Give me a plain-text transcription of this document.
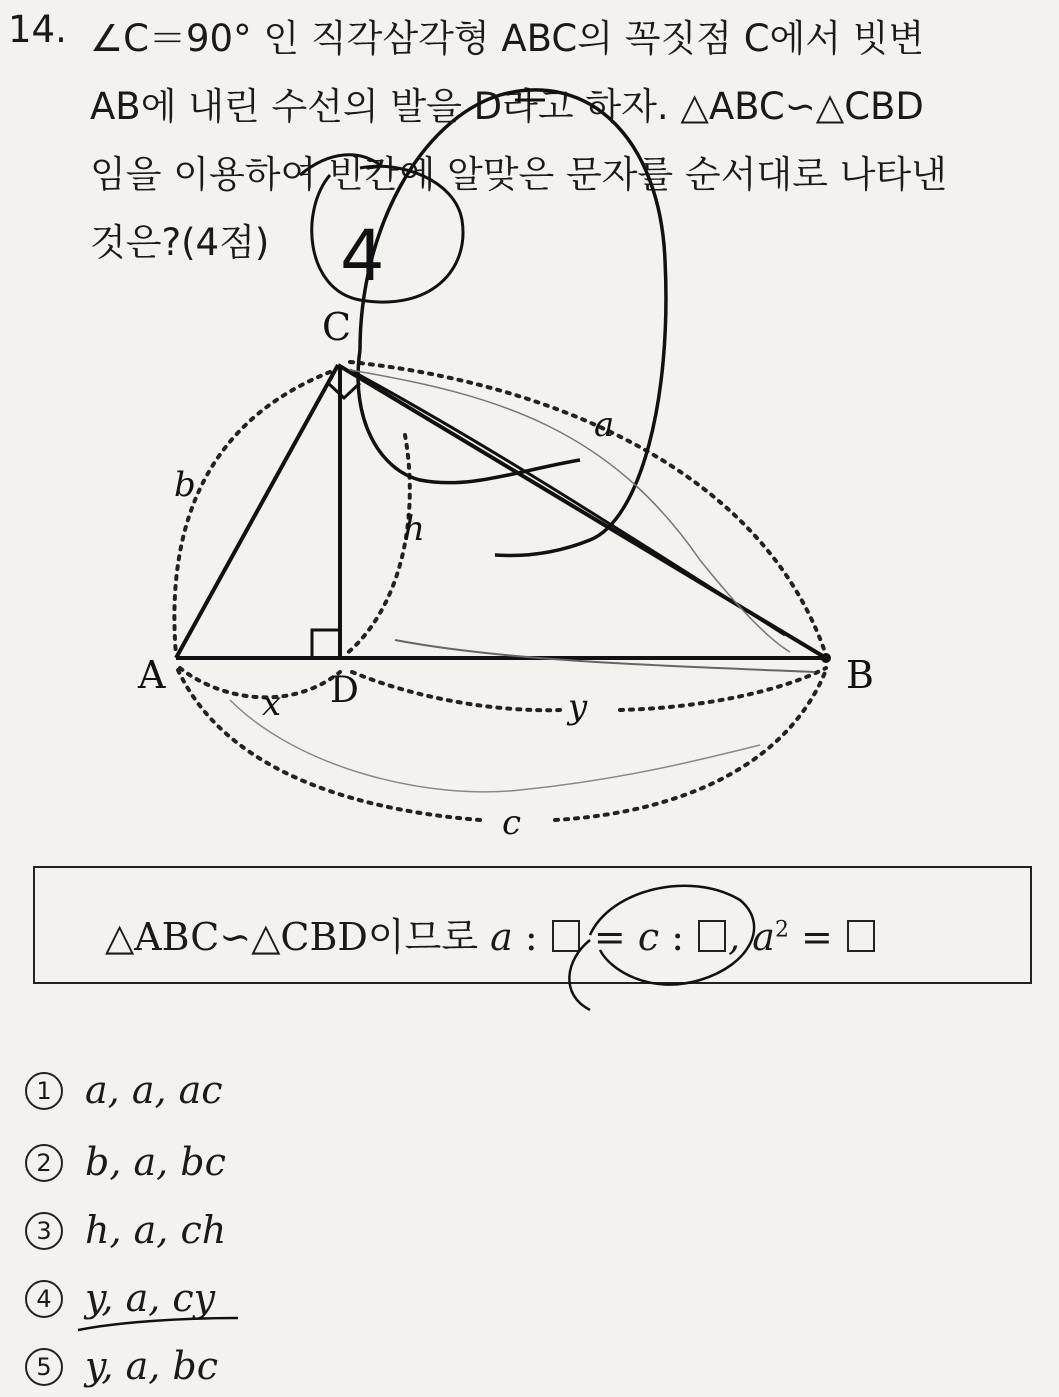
14. ∠C＝90° 인 직각삼각형 ABC의 꼭짓점 C에서 빗변
AB에 내린 수선의 발을 D라고 하자. △ABC∽△CBD
임을 이용하여 빈칸에 알맞은 문자를 순서대로 나타낸
것은?(4점)
A	B
C
D
a
b
c
h
x	y
△ABC∽△CBD이므로 a : = c : , $a^2$ =
1 a, a, ac
2 b, a, bc
3 h, a, ch
4 y, a, cy
5 y, a, bc
4
